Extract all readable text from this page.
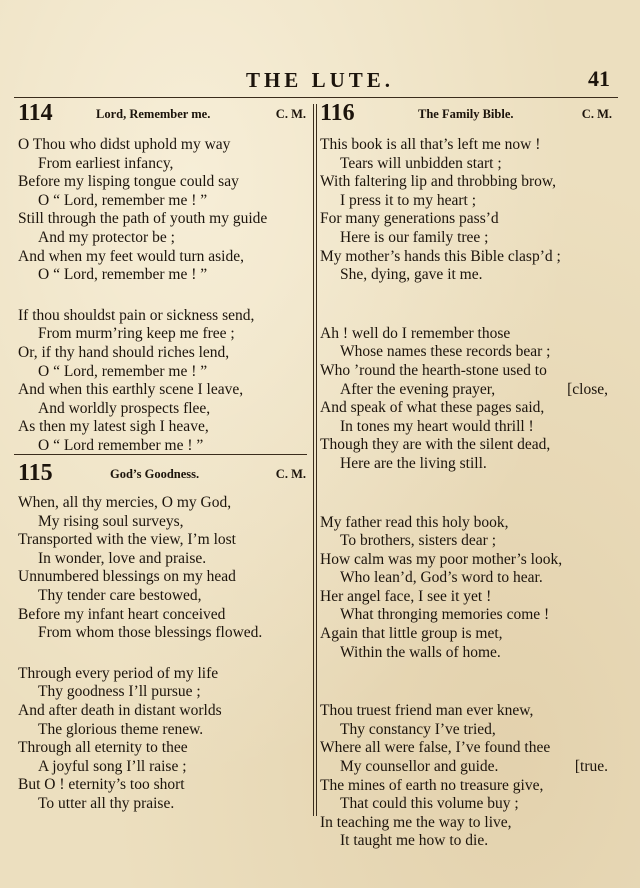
THE LUTE.	41
114	Lord, Remember me.	C. M.
O Thou who didst uphold my way
From earliest infancy,
Before my lisping tongue could say
O “ Lord, remember me ! ”
Still through the path of youth my guide
And my protector be ;
And when my feet would turn aside,
O “ Lord, remember me ! ”
If thou shouldst pain or sickness send,
From murm’ring keep me free ;
Or, if thy hand should riches lend,
O “ Lord, remember me ! ”
And when this earthly scene I leave,
And worldly prospects flee,
As then my latest sigh I heave,
O “ Lord remember me ! ”
115	God’s Goodness.	C. M.
When, all thy mercies, O my God,
My rising soul surveys,
Transported with the view, I’m lost
In wonder, love and praise.
Unnumbered blessings on my head
Thy tender care bestowed,
Before my infant heart conceived
From whom those blessings flowed.
Through every period of my life
Thy goodness I’ll pursue ;
And after death in distant worlds
The glorious theme renew.
Through all eternity to thee
A joyful song I’ll raise ;
But O ! eternity’s too short
To utter all thy praise.
116	The Family Bible.	C. M.
This book is all that’s left me now !
Tears will unbidden start ;
With faltering lip and throbbing brow,
I press it to my heart ;
For many generations pass’d
Here is our family tree ;
My mother’s hands this Bible clasp’d ;
She, dying, gave it me.
Ah ! well do I remember those
Whose names these records bear ;
Who ’round the hearth-stone used to
After the evening prayer,	[close,
And speak of what these pages said,
In tones my heart would thrill !
Though they are with the silent dead,
Here are the living still.
My father read this holy book,
To brothers, sisters dear ;
How calm was my poor mother’s look,
Who lean’d, God’s word to hear.
Her angel face, I see it yet !
What thronging memories come !
Again that little group is met,
Within the walls of home.
Thou truest friend man ever knew,
Thy constancy I’ve tried,
Where all were false, I’ve found thee
My counsellor and guide.	[true.
The mines of earth no treasure give,
That could this volume buy ;
In teaching me the way to live,
It taught me how to die.
